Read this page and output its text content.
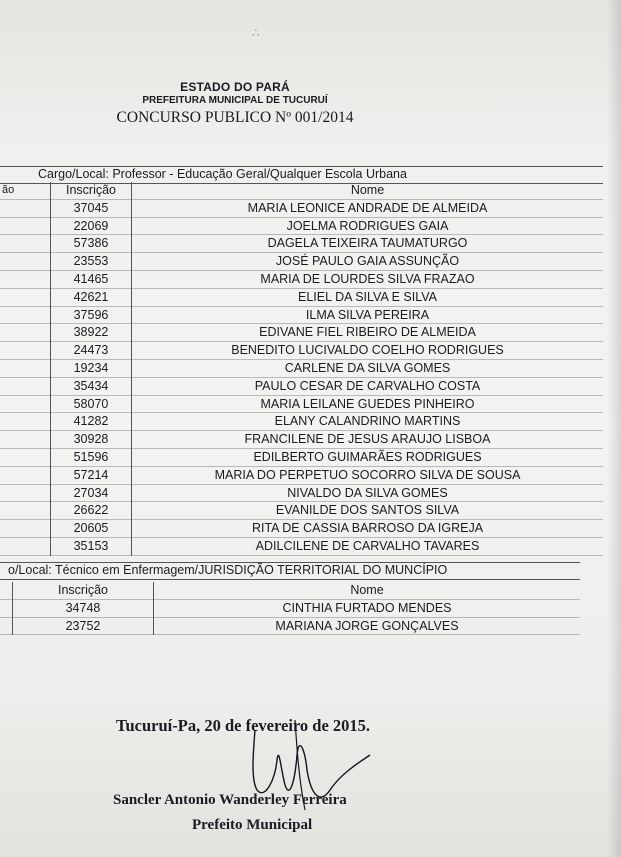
∴
ESTADO DO PARÁ
PREFEITURA MUNICIPAL DE TUCURUÍ
CONCURSO PUBLICO Nº 001/2014
Cargo/Local: Professor - Educação Geral/Qualquer Escola Urbana
ão	Inscrição	Nome
	37045	MARIA LEONICE ANDRADE DE ALMEIDA
	22069	JOELMA RODRIGUES GAIA
	57386	DAGELA TEIXEIRA TAUMATURGO
	23553	JOSÉ PAULO GAIA ASSUNÇÃO
	41465	MARIA DE LOURDES SILVA FRAZAO
	42621	ELIEL DA SILVA E SILVA
	37596	ILMA SILVA PEREIRA
	38922	EDIVANE FIEL RIBEIRO DE ALMEIDA
	24473	BENEDITO LUCIVALDO COELHO RODRIGUES
	19234	CARLENE DA SILVA GOMES
	35434	PAULO CESAR DE CARVALHO COSTA
	58070	MARIA LEILANE GUEDES PINHEIRO
	41282	ELANY CALANDRINO MARTINS
	30928	FRANCILENE DE JESUS ARAUJO LISBOA
	51596	EDILBERTO GUIMARÃES RODRIGUES
	57214	MARIA DO PERPETUO SOCORRO SILVA DE SOUSA
	27034	NIVALDO DA SILVA GOMES
	26622	EVANILDE DOS SANTOS SILVA
	20605	RITA DE CASSIA BARROSO DA IGREJA
	35153	ADILCILENE DE CARVALHO TAVARES
o/Local: Técnico em Enfermagem/JURISDIÇÃO TERRITORIAL DO MUNCÍPIO
	Inscrição	Nome
	34748	CINTHIA FURTADO MENDES
	23752	MARIANA JORGE GONÇALVES
Tucuruí-Pa, 20 de fevereiro de 2015.
Sancler Antonio Wanderley Ferreira
Prefeito Municipal
